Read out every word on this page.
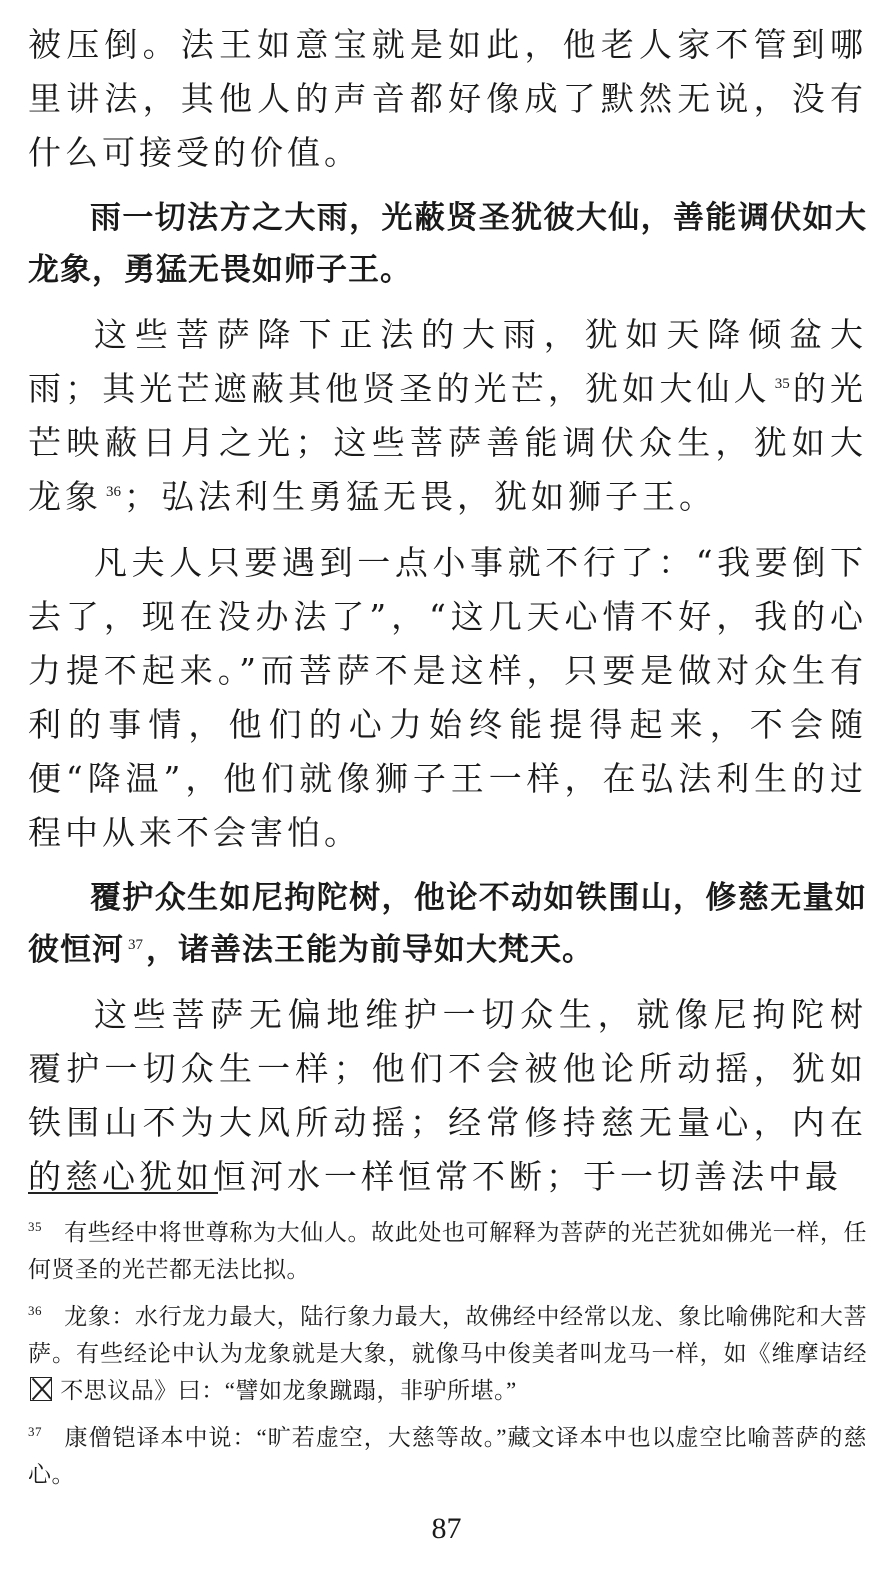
被压倒。法王如意宝就是如此，他老人家不管到哪里讲法，其他人的声音都好像成了默然无说，没有什么可接受的价值。

雨一切法方之大雨，光蔽贤圣犹彼大仙，善能调伏如大龙象，勇猛无畏如师子王。

这些菩萨降下正法的大雨，犹如天降倾盆大雨；其光芒遮蔽其他贤圣的光芒，犹如大仙人 $^{35}$的光芒映蔽日月之光；这些菩萨善能调伏众生，犹如大龙象 $^{36}$；弘法利生勇猛无畏，犹如狮子王。

凡夫人只要遇到一点小事就不行了：“我要倒下去了，现在没办法了”，“这几天心情不好，我的心力提不起来。”而菩萨不是这样，只要是做对众生有利的事情，他们的心力始终能提得起来，不会随便“降温”，他们就像狮子王一样，在弘法利生的过程中从来不会害怕。

覆护众生如尼拘陀树，他论不动如铁围山，修慈无量如彼恒河 $^{37}$，诸善法王能为前导如大梵天。

这些菩萨无偏地维护一切众生，就像尼拘陀树覆护一切众生一样；他们不会被他论所动摇，犹如铁围山不为大风所动摇；经常修持慈无量心，内在的慈心犹如恒河水一样恒常不断；于一切善法中最

$^{35}$ 有些经中将世尊称为大仙人。故此处也可解释为菩萨的光芒犹如佛光一样，任何贤圣的光芒都无法比拟。

$^{36}$ 龙象：水行龙力最大，陆行象力最大，故佛经中经常以龙、象比喻佛陀和大菩萨。有些经论中认为龙象就是大象，就像马中俊美者叫龙马一样，如《维摩诘经  不思议品》曰：“譬如龙象蹴蹋，非驴所堪。”

$^{37}$ 康僧铠译本中说：“旷若虚空，大慈等故。”藏文译本中也以虚空比喻菩萨的慈心。

87
